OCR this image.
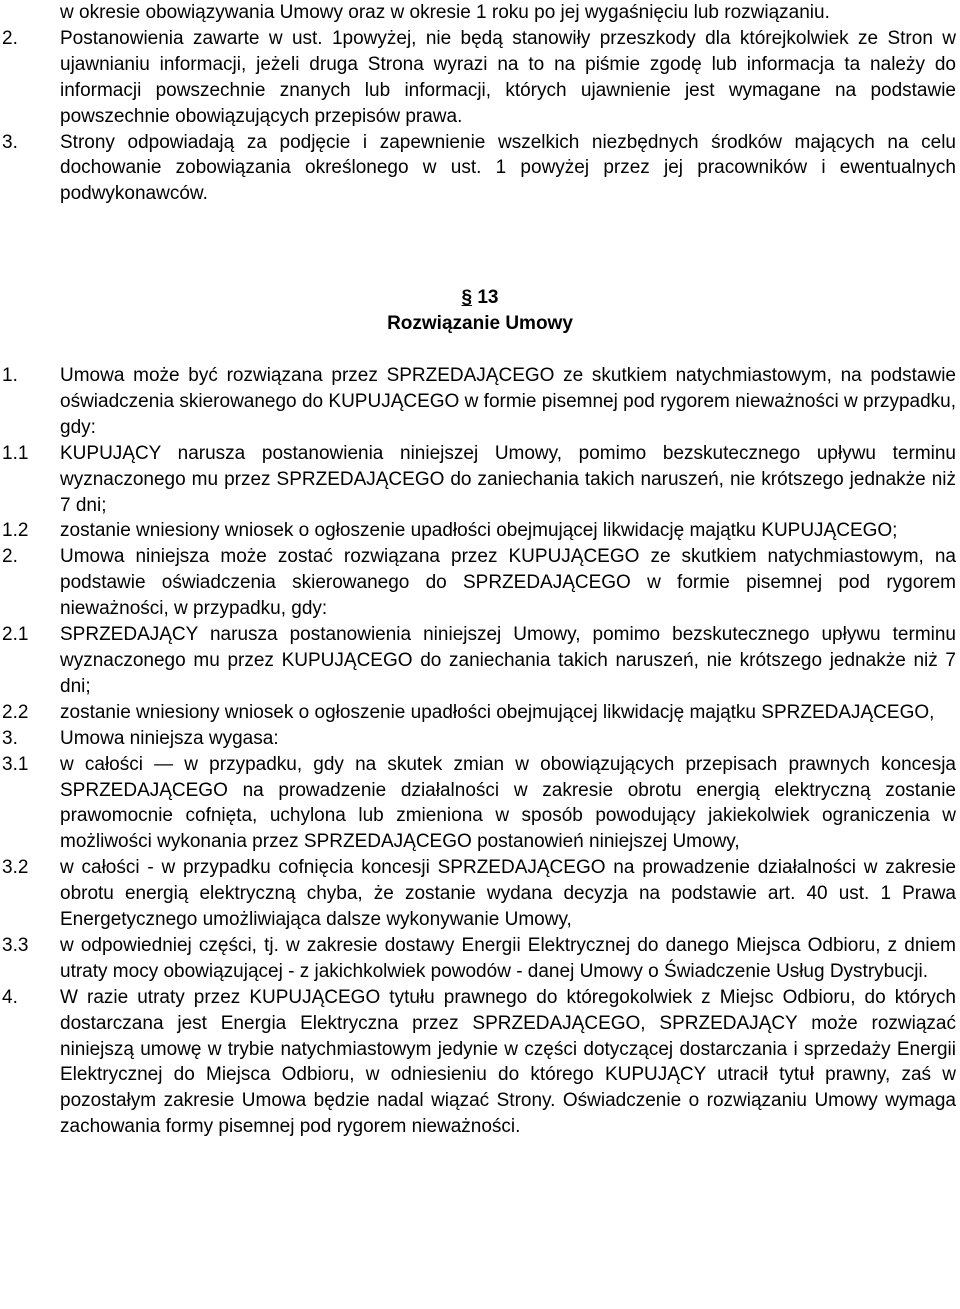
w okresie obowiązywania Umowy oraz w okresie 1 roku po jej wygaśnięciu lub rozwiązaniu.
2.	Postanowienia zawarte w ust. 1powyżej, nie będą stanowiły przeszkody dla którejkolwiek ze Stron w ujawnianiu informacji, jeżeli druga Strona wyrazi na to na piśmie zgodę lub informacja ta należy do informacji powszechnie znanych lub informacji, których ujawnienie jest wymagane na podstawie powszechnie obowiązujących przepisów prawa.
3.	Strony odpowiadają za podjęcie i zapewnienie wszelkich niezbędnych środków mających na celu dochowanie zobowiązania określonego w ust. 1 powyżej przez jej pracowników i ewentualnych podwykonawców.
§ 13
Rozwiązanie Umowy
1.	Umowa może być rozwiązana przez SPRZEDAJĄCEGO ze skutkiem natychmiastowym, na podstawie oświadczenia skierowanego do KUPUJĄCEGO w formie pisemnej pod rygorem nieważności w przypadku, gdy:
1.1	KUPUJĄCY narusza postanowienia niniejszej Umowy, pomimo bezskutecznego upływu terminu wyznaczonego mu przez SPRZEDAJĄCEGO do zaniechania takich naruszeń, nie krótszego jednakże niż 7 dni;
1.2	zostanie wniesiony wniosek o ogłoszenie upadłości obejmującej likwidację majątku KUPUJĄCEGO;
2.	Umowa niniejsza może zostać rozwiązana przez KUPUJĄCEGO ze skutkiem natychmiastowym, na podstawie oświadczenia skierowanego do SPRZEDAJĄCEGO w formie pisemnej pod rygorem nieważności, w przypadku, gdy:
2.1	SPRZEDAJĄCY narusza postanowienia niniejszej Umowy, pomimo bezskutecznego upływu terminu wyznaczonego mu przez KUPUJĄCEGO do zaniechania takich naruszeń, nie krótszego jednakże niż 7 dni;
2.2	zostanie wniesiony wniosek o ogłoszenie upadłości obejmującej likwidację majątku SPRZEDAJĄCEGO,
3.	Umowa niniejsza wygasa:
3.1	w całości — w przypadku, gdy na skutek zmian w obowiązujących przepisach prawnych koncesja SPRZEDAJĄCEGO na prowadzenie działalności w zakresie obrotu energią elektryczną zostanie prawomocnie cofnięta, uchylona lub zmieniona w sposób powodujący jakiekolwiek ograniczenia w możliwości wykonania przez SPRZEDAJĄCEGO postanowień niniejszej Umowy,
3.2	w całości - w przypadku cofnięcia koncesji SPRZEDAJĄCEGO na prowadzenie działalności w zakresie obrotu energią elektryczną chyba, że zostanie wydana decyzja na podstawie art. 40 ust. 1 Prawa Energetycznego umożliwiająca dalsze wykonywanie Umowy,
3.3	w odpowiedniej części, tj. w zakresie dostawy Energii Elektrycznej do danego Miejsca Odbioru, z dniem utraty mocy obowiązującej - z jakichkolwiek powodów - danej Umowy o Świadczenie Usług Dystrybucji.
4.	W razie utraty przez KUPUJĄCEGO tytułu prawnego do któregokolwiek z Miejsc Odbioru, do których dostarczana jest Energia Elektryczna przez SPRZEDAJĄCEGO, SPRZEDAJĄCY może rozwiązać niniejszą umowę w trybie natychmiastowym jedynie w części dotyczącej dostarczania i sprzedaży Energii Elektrycznej do Miejsca Odbioru, w odniesieniu do którego KUPUJĄCY utracił tytuł prawny, zaś w pozostałym zakresie Umowa będzie nadal wiązać Strony. Oświadczenie o rozwiązaniu Umowy wymaga zachowania formy pisemnej pod rygorem nieważności.
